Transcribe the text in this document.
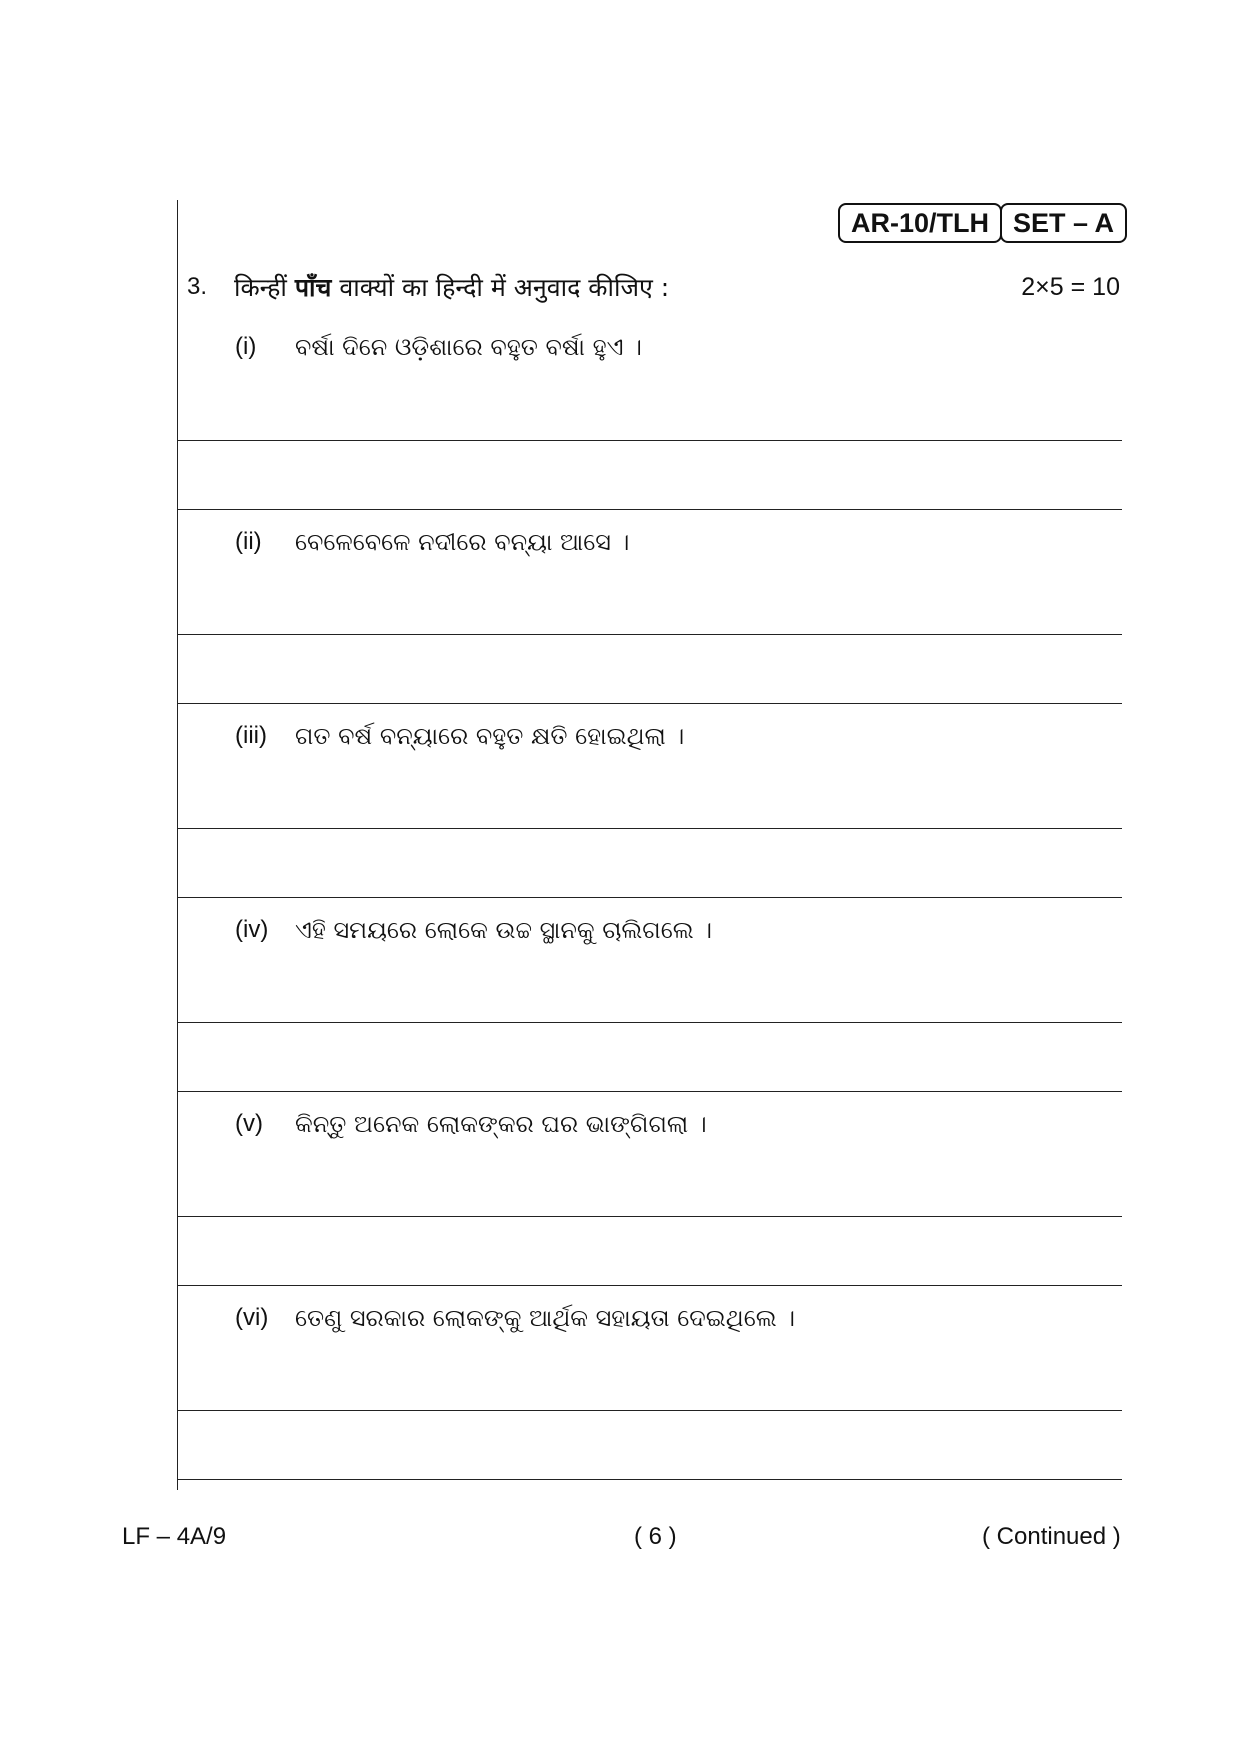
AR-10/TLH SET – A
3. किन्हीं पाँच वाक्यों का हिन्दी में अनुवाद कीजिए :	2×5 = 10
(i)	ବର୍ଷା ଦିନେ ଓଡ଼ିଶାରେ ବହୁତ ବର୍ଷା ହୁଏ ।
(ii)	ବେଳେବେଳେ ନଦୀରେ ବନ୍ୟା ଆସେ ।
(iii)	ଗତ ବର୍ଷ ବନ୍ୟାରେ ବହୁତ କ୍ଷତି ହୋଇଥିଲା ।
(iv)	ଏହି ସମୟରେ ଲୋକେ ଉଚ୍ଚ ସ୍ଥାନକୁ ଚାଲିଗଲେ ।
(v)	କିନ୍ତୁ ଅନେକ ଲୋକଙ୍କର ଘର ଭାଙ୍ଗିଗଲା ।
(vi)	ତେଣୁ ସରକାର ଲୋକଙ୍କୁ ଆର୍ଥିକ ସହାୟତା ଦେଇଥିଲେ ।
LF – 4A/9	( 6 )	( Continued )
